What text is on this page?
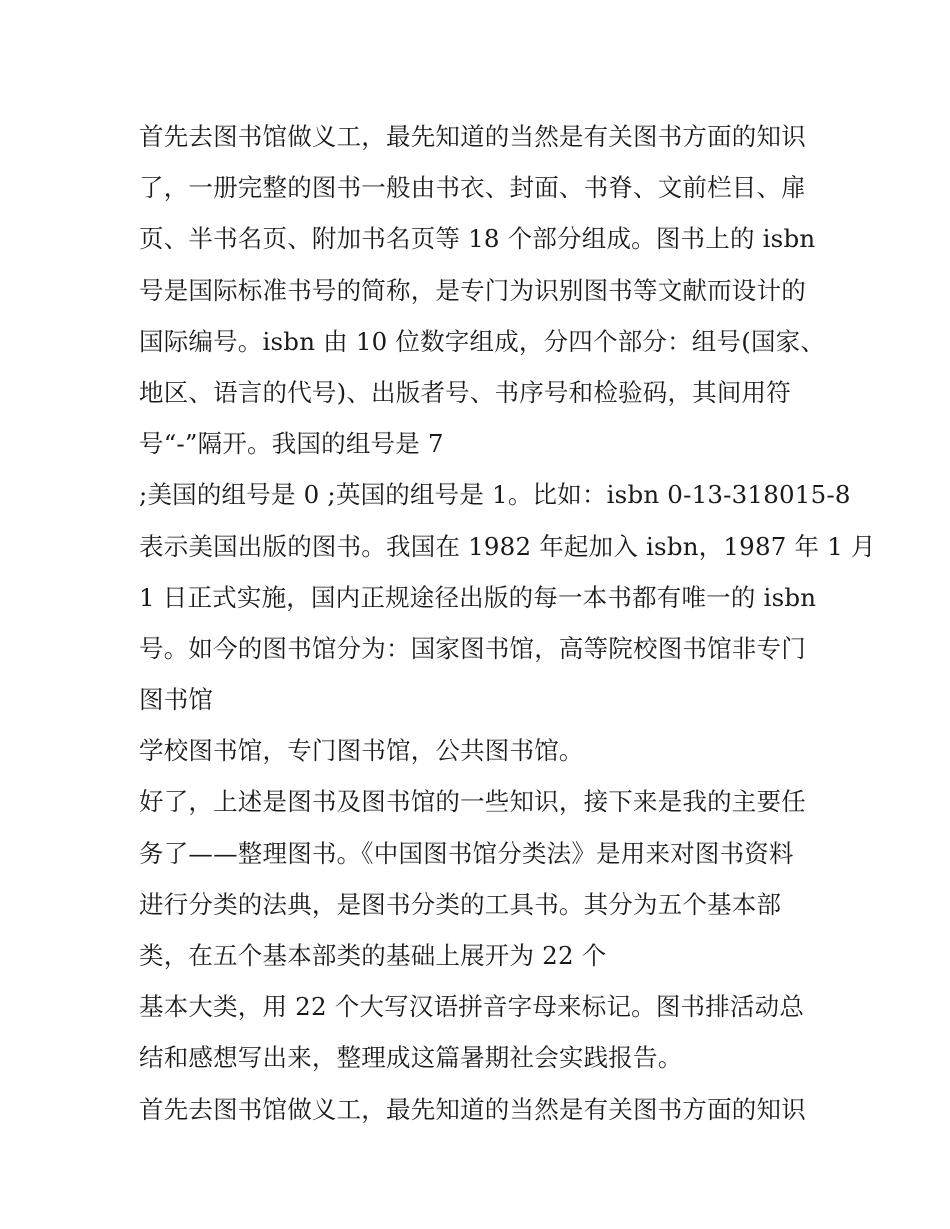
首先去图书馆做义工，最先知道的当然是有关图书方面的知识
了，一册完整的图书一般由书衣、封面、书脊、文前栏目、扉
页、半书名页、附加书名页等 18 个部分组成。图书上的 isbn
号是国际标准书号的简称，是专门为识别图书等文献而设计的
国际编号。isbn 由 10 位数字组成，分四个部分：组号(国家、
地区、语言的代号)、出版者号、书序号和检验码，其间用符
号“-”隔开。我国的组号是 7
;美国的组号是 0 ;英国的组号是 1。比如：isbn 0-13-318015-8
表示美国出版的图书。我国在 1982 年起加入 isbn，1987 年 1 月
1 日正式实施，国内正规途径出版的每一本书都有唯一的 isbn
号。如今的图书馆分为：国家图书馆，高等院校图书馆非专门
图书馆
学校图书馆，专门图书馆，公共图书馆。
好了，上述是图书及图书馆的一些知识，接下来是我的主要任
务了——整理图书。《中国图书馆分类法》是用来对图书资料
进行分类的法典，是图书分类的工具书。其分为五个基本部
类，在五个基本部类的基础上展开为 22 个
基本大类，用 22 个大写汉语拼音字母来标记。图书排活动总
结和感想写出来，整理成这篇暑期社会实践报告。
首先去图书馆做义工，最先知道的当然是有关图书方面的知识
